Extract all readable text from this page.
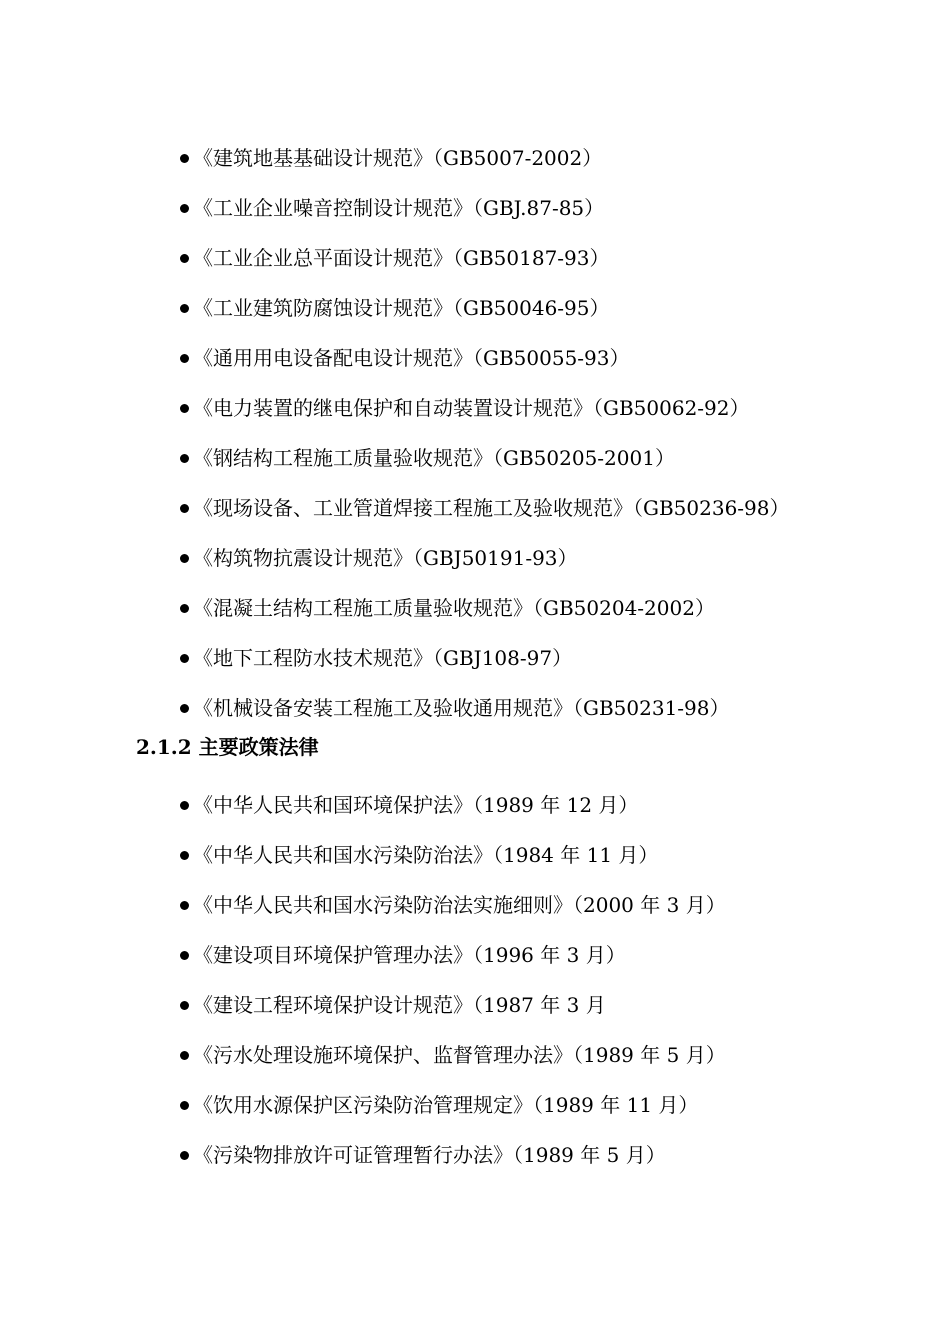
《建筑地基基础设计规范》（GB5007-2002）
《工业企业噪音控制设计规范》（GBJ.87-85）
《工业企业总平面设计规范》（GB50187-93）
《工业建筑防腐蚀设计规范》（GB50046-95）
《通用用电设备配电设计规范》（GB50055-93）
《电力装置的继电保护和自动装置设计规范》（GB50062-92）
《钢结构工程施工质量验收规范》（GB50205-2001）
《现场设备、工业管道焊接工程施工及验收规范》（GB50236-98）
《构筑物抗震设计规范》（GBJ50191-93）
《混凝土结构工程施工质量验收规范》（GB50204-2002）
《地下工程防水技术规范》（GBJ108-97）
《机械设备安装工程施工及验收通用规范》（GB50231-98）
2.1.2 主要政策法律
《中华人民共和国环境保护法》（1989 年 12 月）
《中华人民共和国水污染防治法》（1984 年 11 月）
《中华人民共和国水污染防治法实施细则》（2000 年 3 月）
《建设项目环境保护管理办法》（1996 年 3 月）
《建设工程环境保护设计规范》（1987 年 3 月
《污水处理设施环境保护、监督管理办法》（1989 年 5 月）
《饮用水源保护区污染防治管理规定》（1989 年 11 月）
《污染物排放许可证管理暂行办法》（1989 年 5 月）
